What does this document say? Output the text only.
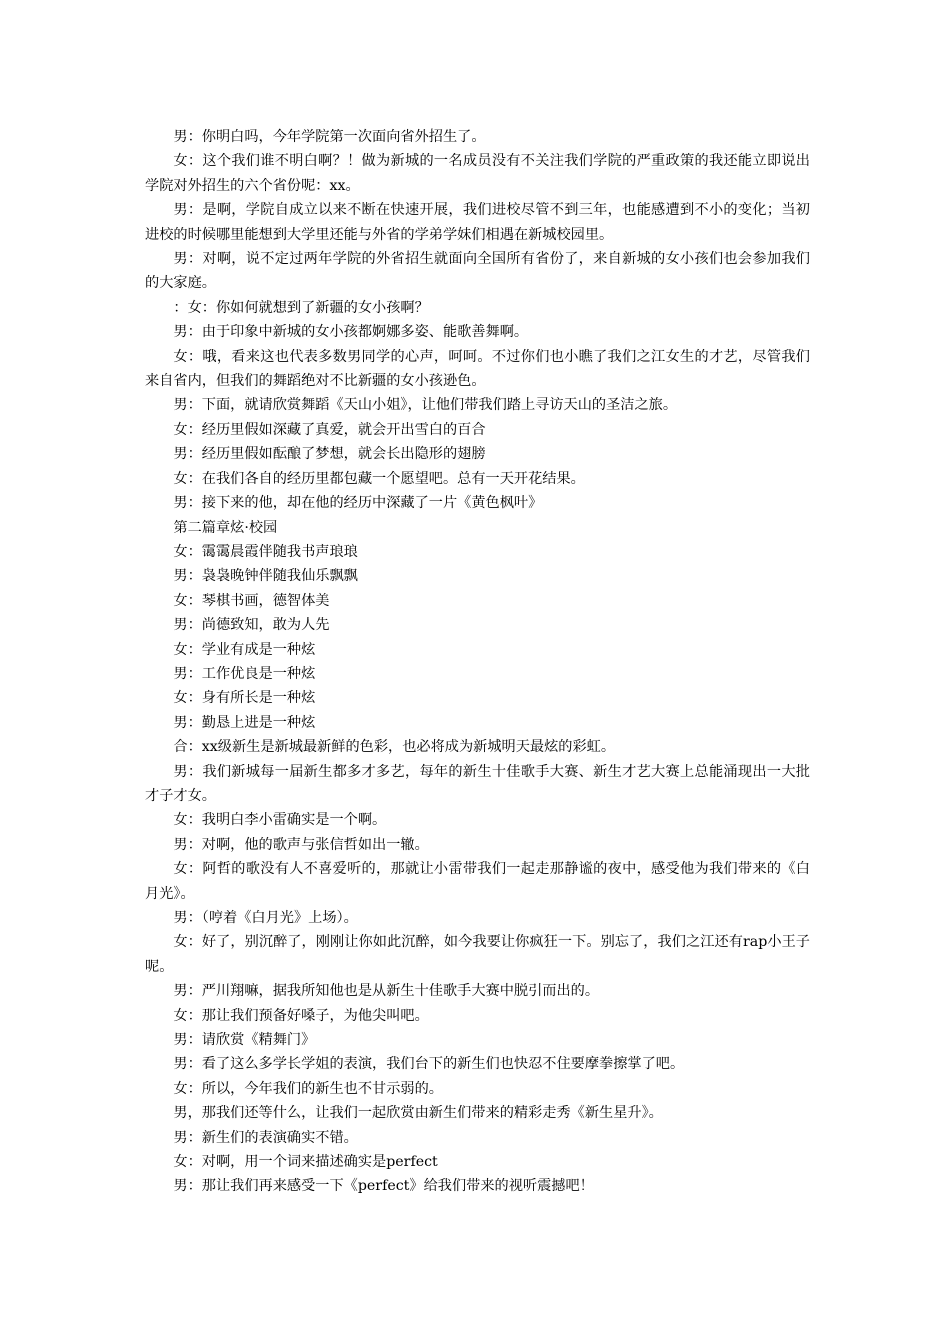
男：你明白吗，今年学院第一次面向省外招生了。

女：这个我们谁不明白啊？！做为新城的一名成员没有不关注我们学院的严重政策的我还能立即说出学院对外招生的六个省份呢：xx。

男：是啊，学院自成立以来不断在快速开展，我们进校尽管不到三年，也能感遭到不小的变化；当初进校的时候哪里能想到大学里还能与外省的学弟学妹们相遇在新城校园里。

男：对啊，说不定过两年学院的外省招生就面向全国所有省份了，来自新城的女小孩们也会参加我们的大家庭。

：女：你如何就想到了新疆的女小孩啊？

男：由于印象中新城的女小孩都婀娜多姿、能歌善舞啊。

女：哦，看来这也代表多数男同学的心声，呵呵。不过你们也小瞧了我们之江女生的才艺，尽管我们来自省内，但我们的舞蹈绝对不比新疆的女小孩逊色。

男：下面，就请欣赏舞蹈《天山小姐》，让他们带我们踏上寻访天山的圣洁之旅。

女：经历里假如深藏了真爱，就会开出雪白的百合

男：经历里假如酝酿了梦想，就会长出隐形的翅膀

女：在我们各自的经历里都包藏一个愿望吧。总有一天开花结果。

男：接下来的他，却在他的经历中深藏了一片《黄色枫叶》

第二篇章炫·校园

女：霭霭晨霞伴随我书声琅琅

男：袅袅晚钟伴随我仙乐飘飘

女：琴棋书画，德智体美

男：尚德致知，敢为人先

女：学业有成是一种炫

男：工作优良是一种炫

女：身有所长是一种炫

男：勤恳上进是一种炫

合：xx级新生是新城最新鲜的色彩，也必将成为新城明天最炫的彩虹。

男：我们新城每一届新生都多才多艺，每年的新生十佳歌手大赛、新生才艺大赛上总能涌现出一大批才子才女。

女：我明白李小雷确实是一个啊。

男：对啊，他的歌声与张信哲如出一辙。

女：阿哲的歌没有人不喜爱听的，那就让小雷带我们一起走那静谧的夜中，感受他为我们带来的《白月光》。

男：（哼着《白月光》上场）。

女：好了，别沉醉了，刚刚让你如此沉醉，如今我要让你疯狂一下。别忘了，我们之江还有rap小王子呢。

男：严川翔嘛，据我所知他也是从新生十佳歌手大赛中脱引而出的。

女：那让我们预备好嗓子，为他尖叫吧。

男：请欣赏《精舞门》

男：看了这么多学长学姐的表演，我们台下的新生们也快忍不住要摩拳擦掌了吧。

女：所以，今年我们的新生也不甘示弱的。

男，那我们还等什么，让我们一起欣赏由新生们带来的精彩走秀《新生星升》。

男：新生们的表演确实不错。

女：对啊，用一个词来描述确实是perfect

男：那让我们再来感受一下《perfect》给我们带来的视听震撼吧！
